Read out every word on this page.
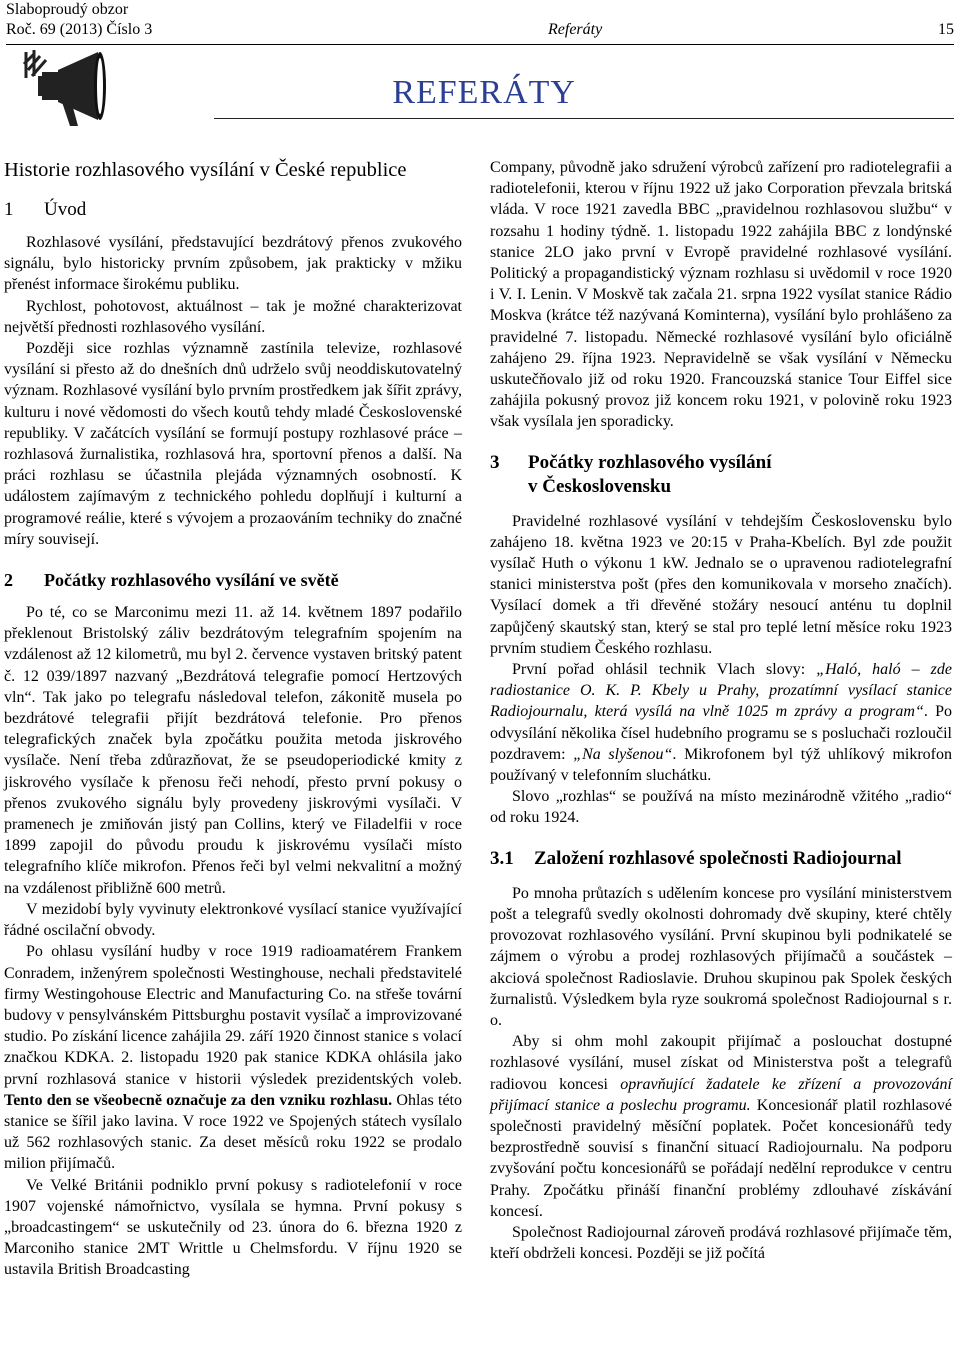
Slaboproudý obzor
Roč. 69 (2013) Číslo 3	Referáty	15
REFERÁTY
Historie rozhlasového vysílání v České republice
1 Úvod

Rozhlasové vysílání, představující bezdrátový přenos zvukového signálu, bylo historicky prvním způsobem, jak prakticky v mžiku přenést informace širokému publiku.

Rychlost, pohotovost, aktuálnost – tak je možné charakterizovat největší přednosti rozhlasového vysílání.

Později sice rozhlas významně zastínila televize, rozhlasové vysílání si přesto až do dnešních dnů udrželo svůj neoddiskutovatelný význam. Rozhlasové vysílání bylo prvním prostředkem jak šířit zprávy, kulturu i nové vědomosti do všech koutů tehdy mladé Československé republiky. V začátcích vysílání se formují postupy rozhlasové práce – rozhlasová žurnalistika, rozhlasová hra, sportovní přenos a další. Na práci rozhlasu se účastnila plejáda významných osobností. K událostem zajímavým z technického pohledu doplňují i kulturní a programové reálie, které s vývojem a prozaováním techniky do značné míry souvisejí.

2	Počátky rozhlasového vysílání ve světě

Po té, co se Marconimu mezi 11. až 14. květnem 1897 podařilo překlenout Bristolský záliv bezdrátovým telegrafním spojením na vzdálenost až 12 kilometrů, mu byl 2. července vystaven britský patent č. 12 039/1897 nazvaný „Bezdrátová telegrafie pomocí Hertzových vln“. Tak jako po telegrafu následoval telefon, zákonitě musela po bezdrátové telegrafii přijít bezdrátová telefonie. Pro přenos telegrafických značek byla zpočátku použita metoda jiskrového vysílače. Není třeba zdůrazňovat, že se pseudoperiodické kmity z jiskrového vysílače k přenosu řeči nehodí, přesto první pokusy o přenos zvukového signálu byly provedeny jiskrovými vysílači. V pramenech je zmiňován jistý pan Collins, který ve Filadelfii v roce 1899 zapojil do původu proudu k jiskrovému vysílači místo telegrafního klíče mikrofon. Přenos řeči byl velmi nekvalitní a možný na vzdálenost přibližně 600 metrů.

V mezidobí byly vyvinuty elektronkové vysílací stanice využívající řádné oscilační obvody.

Po ohlasu vysílání hudby v roce 1919 radioamatérem Frankem Conradem, inženýrem společnosti Westinghouse, nechali představitelé firmy Westingohouse Electric and Manufacturing Co. na střeše tovární budovy v pensylvánském Pittsburghu postavit vysílač a improvizované studio. Po získání licence zahájila 29. září 1920 činnost stanice s volací značkou KDKA. 2. listopadu 1920 pak stanice KDKA ohlásila jako první rozhlasová stanice v historii výsledek prezidentských voleb. Tento den se všeobecně označuje za den vzniku rozhlasu. Ohlas této stanice se šířil jako lavina. V roce 1922 ve Spojených státech vysílalo už 562 rozhlasových stanic. Za deset měsíců roku 1922 se prodalo milion přijímačů.

Ve Velké Británii podniklo první pokusy s radiotelefonií v roce 1907 vojenské námořnictvo, vysílala se hymna. První pokusy s „broadcastingem“ se uskutečnily od 23. února do 6. března 1920 z Marconiho stanice 2MT Writtle u Chelmsfordu. V říjnu 1920 se ustavila British Broadcasting

Company, původně jako sdružení výrobců zařízení pro radiotelegrafii a radiotelefonii, kterou v říjnu 1922 už jako Corporation převzala britská vláda. V roce 1921 zavedla BBC „pravidelnou rozhlasovou službu“ v rozsahu 1 hodiny týdně. 1. listopadu 1922 zahájila BBC z londýnské stanice 2LO jako první v Evropě pravidelné rozhlasové vysílání. Politický a propagandistický význam rozhlasu si uvědomil v roce 1920 i V. I. Lenin. V Moskvě tak začala 21. srpna 1922 vysílat stanice Rádio Moskva (krátce též nazývaná Kominterna), vysílání bylo prohlášeno za pravidelné 7. listopadu. Německé rozhlasové vysílání bylo oficiálně zahájeno 29. října 1923. Nepravidelně se však vysílání v Německu uskutečňovalo již od roku 1920. Francouzská stanice Tour Eiffel sice zahájila pokusný provoz již koncem roku 1921, v polovině roku 1923 však vysílala jen sporadicky.

3	Počátky rozhlasového vysílání
v Československu

Pravidelné rozhlasové vysílání v tehdejším Československu bylo zahájeno 18. května 1923 ve 20:15 v Praha-Kbelích. Byl zde použit vysílač Huth o výkonu 1 kW. Jednalo se o upravenou radiotelegrafní stanici ministerstva pošt (přes den komunikovala v morseho značích). Vysílací domek a tři dřevěné stožáry nesoucí anténu tu doplnil zapůjčený skautský stan, který se stal pro teplé letní měsíce roku 1923 prvním studiem Českého rozhlasu.

První pořad ohlásil technik Vlach slovy: „Haló, haló – zde radiostanice O. K. P. Kbely u Prahy, prozatímní vysílací stanice Radiojournalu, která vysílá na vlně 1025 m zprávy a program“. Po odvysílání několika čísel hudebního programu se s posluchači rozloučil pozdravem: „Na slyšenou“. Mikrofonem byl týž uhlíkový mikrofon používaný v telefonním sluchátku.

Slovo „rozhlas“ se používá na místo mezinárodně vžitého „radio“ od roku 1924.

3.1	Založení rozhlasové společnosti Radiojournal

Po mnoha průtazích s udělením koncese pro vysílání ministerstvem pošt a telegrafů svedly okolnosti dohromady dvě skupiny, které chtěly provozovat rozhlasového vysílání. První skupinou byli podnikatelé se zájmem o výrobu a prodej rozhlasových přijímačů a součástek – akciová společnost Radioslavie. Druhou skupinou pak Spolek českých žurnalistů. Výsledkem byla ryze soukromá společnost Radiojournal s r. o.

Aby si ohm mohl zakoupit přijímač a poslouchat dostupné rozhlasové vysílání, musel získat od Ministerstva pošt a telegrafů radiovou koncesi opravňující žadatele ke zřízení a provozování přijímací stanice a poslechu programu. Koncesionář platil rozhlasové společnosti pravidelný měsíční poplatek. Počet koncesionářů tedy bezprostředně souvisí s finanční situací Radiojournalu. Na podporu zvyšování počtu koncesionářů se pořádají nedělní reprodukce v centru Prahy. Zpočátku přináší finanční problémy zdlouhavé získávání koncesí.

Společnost Radiojournal zároveň prodává rozhlasové přijímače těm, kteří obdrželi koncesi. Později se již počítá
